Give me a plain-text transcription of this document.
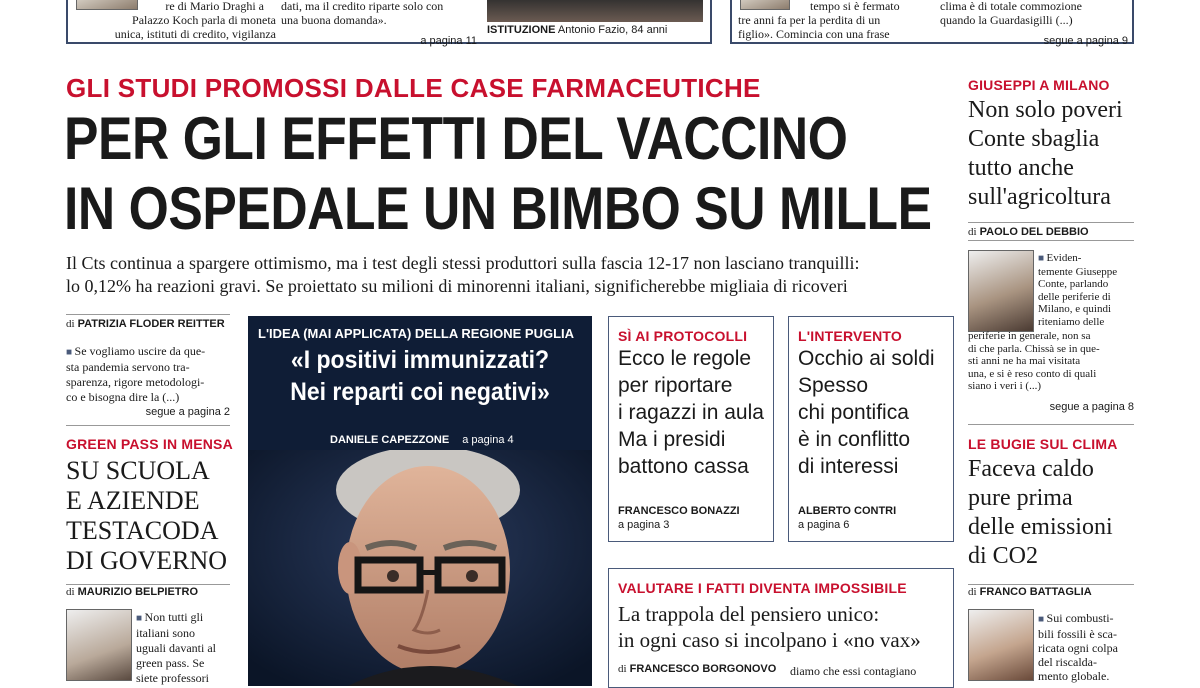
re di Mario Draghi a
Palazzo Koch parla di moneta
unica, istituti di credito, vigilanza
dati, ma il credito riparte solo con
una buona domanda».
a pagina 11
ISTITUZIONE Antonio Fazio, 84 anni
tempo si è fermato
tre anni fa per la perdita di un
figlio». Comincia con una frase
clima è di totale commozione
quando la Guardasigilli (...)
segue a pagina 9
GLI STUDI PROMOSSI DALLE CASE FARMACEUTICHE
PER GLI EFFETTI DEL VACCINO
IN OSPEDALE UN BIMBO SU MILLE
Il Cts continua a spargere ottimismo, ma i test degli stessi produttori sulla fascia 12-17 non lasciano tranquilli:
lo 0,12% ha reazioni gravi. Se proiettato su milioni di minorenni italiani, significherebbe migliaia di ricoveri
di PATRIZIA FLODER REITTER
■ Se vogliamo uscire da que-
sta pandemia servono tra-
sparenza, rigore metodologi-
co e bisogna dire la (...)
segue a pagina 2
GREEN PASS IN MENSA
SU SCUOLA
E AZIENDE
TESTACODA
DI GOVERNO
di MAURIZIO BELPIETRO
■ Non tutti gli
italiani sono
uguali davanti al
green pass. Se
siete professori
L'IDEA (MAI APPLICATA) DELLA REGIONE PUGLIA
«I positivi immunizzati?
Nei reparti coi negativi»
DANIELE CAPEZZONE a pagina 4
SÌ AI PROTOCOLLI
Ecco le regole
per riportare
i ragazzi in aula
Ma i presidi
battono cassa
FRANCESCO BONAZZI
a pagina 3
L'INTERVENTO
Occhio ai soldi
Spesso
chi pontifica
è in conflitto
di interessi
ALBERTO CONTRI
a pagina 6
VALUTARE I FATTI DIVENTA IMPOSSIBILE
La trappola del pensiero unico:
in ogni caso si incolpano i «no vax»
di FRANCESCO BORGONOVO diamo che essi contagiano
GIUSEPPI A MILANO
Non solo poveri
Conte sbaglia
tutto anche
sull'agricoltura
di PAOLO DEL DEBBIO
■ Eviden-
temente Giuseppe
Conte, parlando
delle periferie di
Milano, e quindi
riteniamo delle
periferie in generale, non sa
di che parla. Chissà se in que-
sti anni ne ha mai visitata
una, e si è reso conto di quali
siano i veri i (...)
segue a pagina 8
LE BUGIE SUL CLIMA
Faceva caldo
pure prima
delle emissioni
di CO2
di FRANCO BATTAGLIA
■ Sui combusti-
bili fossili è sca-
ricata ogni colpa
del riscalda-
mento globale.
